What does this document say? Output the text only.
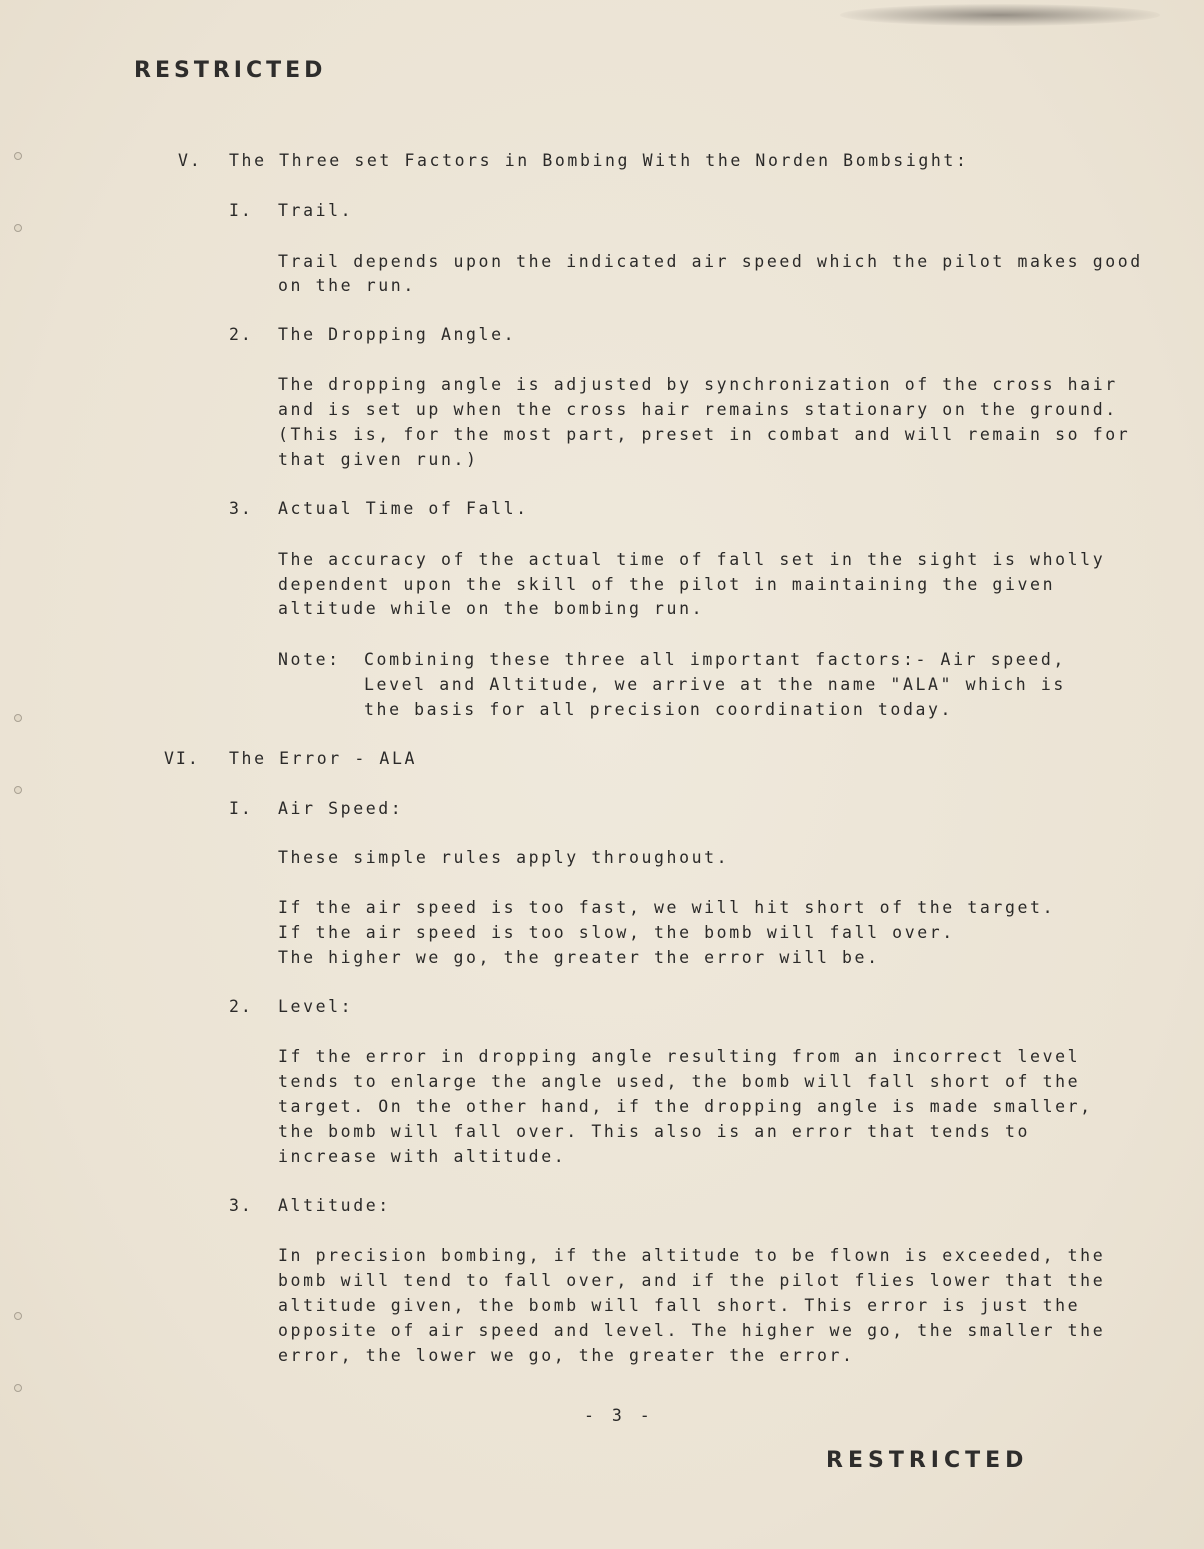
RESTRICTED
V. The Three set Factors in Bombing With the Norden Bombsight:
I. Trail.
Trail depends upon the indicated air speed which the pilot makes good
on the run.
2. The Dropping Angle.
The dropping angle is adjusted by synchronization of the cross hair
and is set up when the cross hair remains stationary on the ground.
(This is, for the most part, preset in combat and will remain so for
that given run.)
3. Actual Time of Fall.
The accuracy of the actual time of fall set in the sight is wholly
dependent upon the skill of the pilot in maintaining the given
altitude while on the bombing run.
Note: Combining these three all important factors:- Air speed,
Level and Altitude, we arrive at the name "ALA" which is
the basis for all precision coordination today.
VI. The Error - ALA
I. Air Speed:
These simple rules apply throughout.
If the air speed is too fast, we will hit short of the target.
If the air speed is too slow, the bomb will fall over.
The higher we go, the greater the error will be.
2. Level:
If the error in dropping angle resulting from an incorrect level
tends to enlarge the angle used, the bomb will fall short of the
target. On the other hand, if the dropping angle is made smaller,
the bomb will fall over. This also is an error that tends to
increase with altitude.
3. Altitude:
In precision bombing, if the altitude to be flown is exceeded, the
bomb will tend to fall over, and if the pilot flies lower that the
altitude given, the bomb will fall short. This error is just the
opposite of air speed and level. The higher we go, the smaller the
error, the lower we go, the greater the error.
- 3 -
RESTRICTED
